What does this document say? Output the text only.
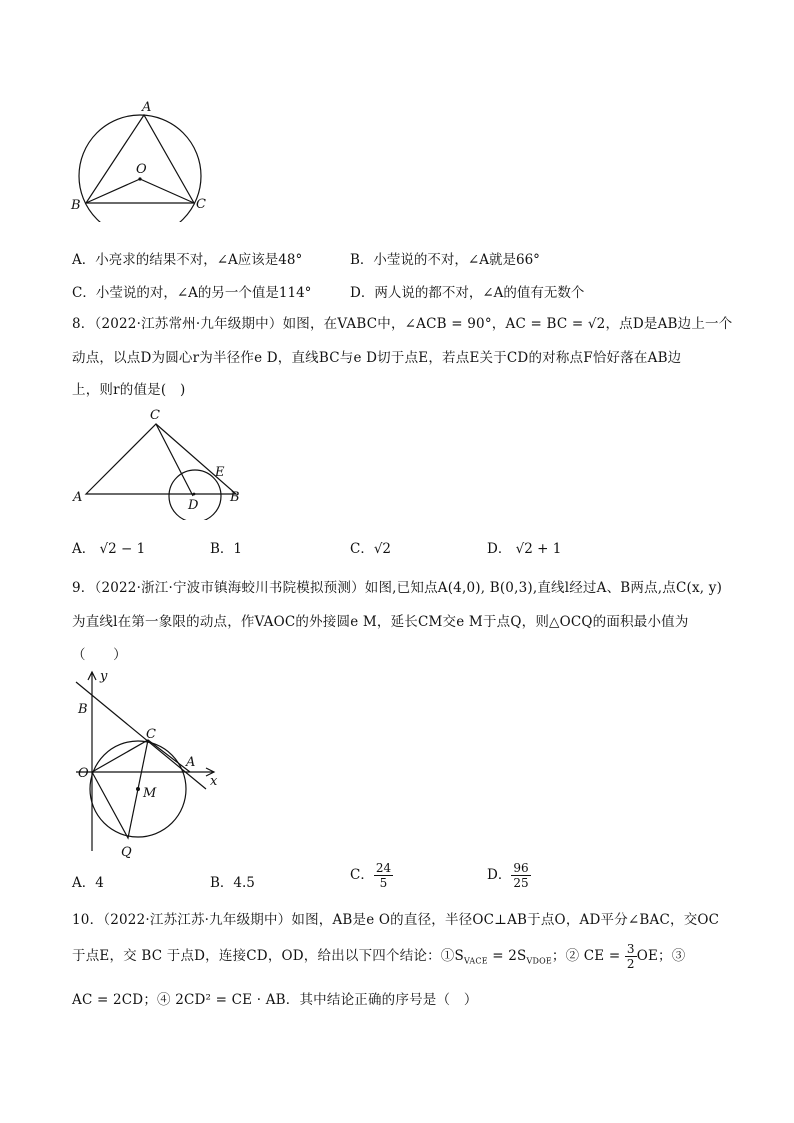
A
O
B	C
A．小亮求的结果不对，∠A应该是48°	B．小莹说的不对，∠A就是66°
C．小莹说的对，∠A的另一个值是114°	D．两人说的都不对，∠A的值有无数个
8．（2022·江苏常州·九年级期中）如图，在VABC中，∠ACB = 90°，AC = BC = √2，点D是AB边上一个
动点，以点D为圆心r为半径作e D，直线BC与e D切于点E，若点E关于CD的对称点F恰好落在AB边
上，则r的值是(　)
C
E
A
D
B
A． √2 − 1	B．1	C．√2	D． √2 + 1
9．（2022·浙江·宁波市镇海蛟川书院模拟预测）如图,已知点A(4,0), B(0,3),直线l经过A、B两点,点C(x, y)
为直线l在第一象限的动点，作VAOC的外接圆e M，延长CM交e M于点Q，则△OCQ的面积最小值为
（　　）
y
B
C
O
A
x
M
Q
A．4	B．4.5	C． $\frac{24}{5}$	D． $\frac{96}{25}$
10．（2022·江苏江苏·九年级期中）如图，AB是e O的直径，半径OC⊥AB于点O，AD平分∠BAC，交OC
于点E，交 BC 于点D，连接CD，OD，给出以下四个结论：$①S_{VACE} = 2S_{VDOE}$；② CE = $\frac{3}{2}$ OE；③
AC = 2CD；④ 2CD² = CE · AB．其中结论正确的序号是（　）
